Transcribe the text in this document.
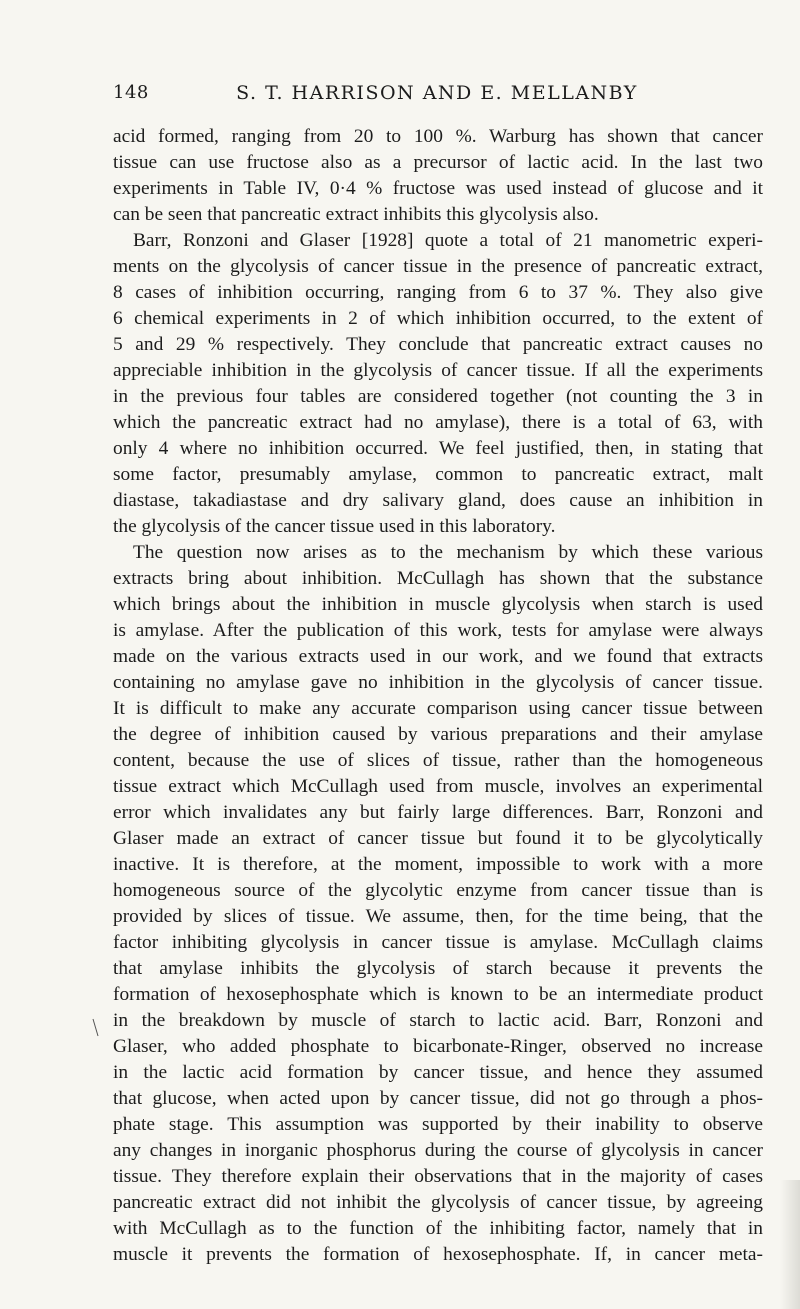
148	S. T. HARRISON AND E. MELLANBY
acid formed, ranging from 20 to 100 %. Warburg has shown that cancer
tissue can use fructose also as a precursor of lactic acid. In the last two
experiments in Table IV, 0·4 % fructose was used instead of glucose and it
can be seen that pancreatic extract inhibits this glycolysis also.
Barr, Ronzoni and Glaser [1928] quote a total of 21 manometric experi-
ments on the glycolysis of cancer tissue in the presence of pancreatic extract,
8 cases of inhibition occurring, ranging from 6 to 37 %. They also give
6 chemical experiments in 2 of which inhibition occurred, to the extent of
5 and 29 % respectively. They conclude that pancreatic extract causes no
appreciable inhibition in the glycolysis of cancer tissue. If all the experiments
in the previous four tables are considered together (not counting the 3 in
which the pancreatic extract had no amylase), there is a total of 63, with
only 4 where no inhibition occurred. We feel justified, then, in stating that
some factor, presumably amylase, common to pancreatic extract, malt
diastase, takadiastase and dry salivary gland, does cause an inhibition in
the glycolysis of the cancer tissue used in this laboratory.
The question now arises as to the mechanism by which these various
extracts bring about inhibition. McCullagh has shown that the substance
which brings about the inhibition in muscle glycolysis when starch is used
is amylase. After the publication of this work, tests for amylase were always
made on the various extracts used in our work, and we found that extracts
containing no amylase gave no inhibition in the glycolysis of cancer tissue.
It is difficult to make any accurate comparison using cancer tissue between
the degree of inhibition caused by various preparations and their amylase
content, because the use of slices of tissue, rather than the homogeneous
tissue extract which McCullagh used from muscle, involves an experimental
error which invalidates any but fairly large differences. Barr, Ronzoni and
Glaser made an extract of cancer tissue but found it to be glycolytically
inactive. It is therefore, at the moment, impossible to work with a more
homogeneous source of the glycolytic enzyme from cancer tissue than is
provided by slices of tissue. We assume, then, for the time being, that the
factor inhibiting glycolysis in cancer tissue is amylase. McCullagh claims
that amylase inhibits the glycolysis of starch because it prevents the
formation of hexosephosphate which is known to be an intermediate product
in the breakdown by muscle of starch to lactic acid. Barr, Ronzoni and
Glaser, who added phosphate to bicarbonate-Ringer, observed no increase
in the lactic acid formation by cancer tissue, and hence they assumed
that glucose, when acted upon by cancer tissue, did not go through a phos-
phate stage. This assumption was supported by their inability to observe
any changes in inorganic phosphorus during the course of glycolysis in cancer
tissue. They therefore explain their observations that in the majority of cases
pancreatic extract did not inhibit the glycolysis of cancer tissue, by agreeing
with McCullagh as to the function of the inhibiting factor, namely that in
muscle it prevents the formation of hexosephosphate. If, in cancer meta-
